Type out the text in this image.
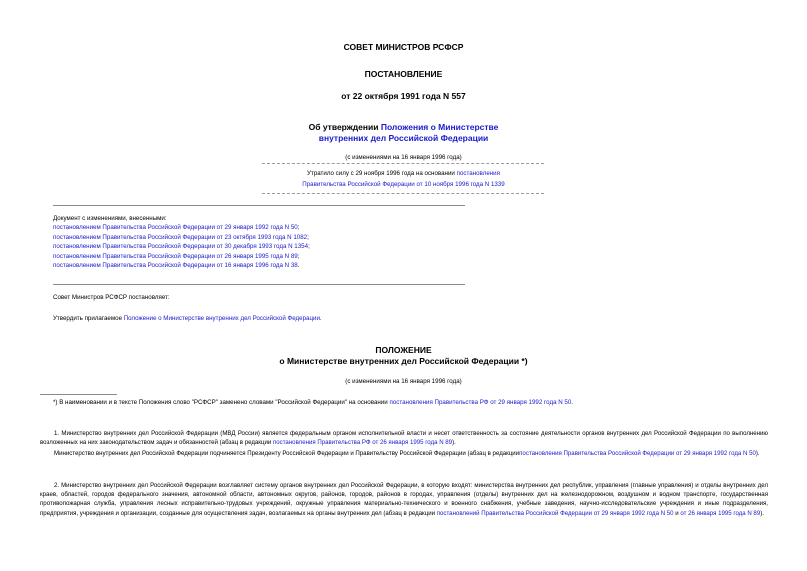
СОВЕТ МИНИСТРОВ РСФСР
ПОСТАНОВЛЕНИЕ
от 22 октября 1991 года N 557
Об утверждении Положения о Министерстве
внутренних дел Российской Федерации
(с изменениями на 16 января 1996 года)
Утратило силу с 29 ноября 1996 года на основании постановления
Правительства Российской Федерации от 10 ноября 1996 года N 1339
Документ с изменениями, внесенными:
постановлением Правительства Российской Федерации от 29 января 1992 года N 50;
постановлением Правительства Российской Федерации от 23 октября 1993 года N 1082;
постановлением Правительства Российской Федерации от 30 декабря 1993 года N 1354;
постановлением Правительства Российской Федерации от 26 января 1995 года N 89;
постановлением Правительства Российской Федерации от 16 января 1996 года N 38.
Совет Министров РСФСР постановляет:
Утвердить прилагаемое Положение о Министерстве внутренних дел Российской Федерации.
ПОЛОЖЕНИЕ
о Министерстве внутренних дел Российской Федерации *)
(с изменениями на 16 января 1996 года)
*) В наименовании и в тексте Положения слово "РСФСР" заменено словами "Российской Федерации" на основании постановления Правительства РФ от 29 января 1992 года N 50.
1. Министерство внутренних дел Российской Федерации (МВД России) является федеральным органом исполнительной власти и несет ответственность за состояние деятельности органов внутренних дел Российской Федерации по выполнению возложенных на них законодательством задач и обязанностей (абзац в редакции постановления Правительства РФ от 26 января 1995 года N 89).
Министерство внутренних дел Российской Федерации подчиняется Президенту Российской Федерации и Правительству Российской Федерации (абзац в редакциипостановления Правительства Российской Федерации от 29 января 1992 года N 50).
2. Министерство внутренних дел Российской Федерации возглавляет систему органов внутренних дел Российской Федерации, в которую входят: министерства внутренних дел республик, управления (главные управления) и отделы внутренних дел краев, областей, городов федерального значения, автономной области, автономных округов, районов, городов, районов в городах, управления (отделы) внутренних дел на железнодорожном, воздушном и водном транспорте, государственная противопожарная служба, управления лесных исправительно-трудовых учреждений, окружные управления материально-технического и военного снабжения, учебные заведения, научно-исследовательские учреждения и иные подразделения, предприятия, учреждения и организации, созданные для осуществления задач, возлагаемых на органы внутренних дел (абзац в редакции постановлений Правительства Российской Федерации от 29 января 1992 года N 50 и от 26 января 1995 года N 89).
